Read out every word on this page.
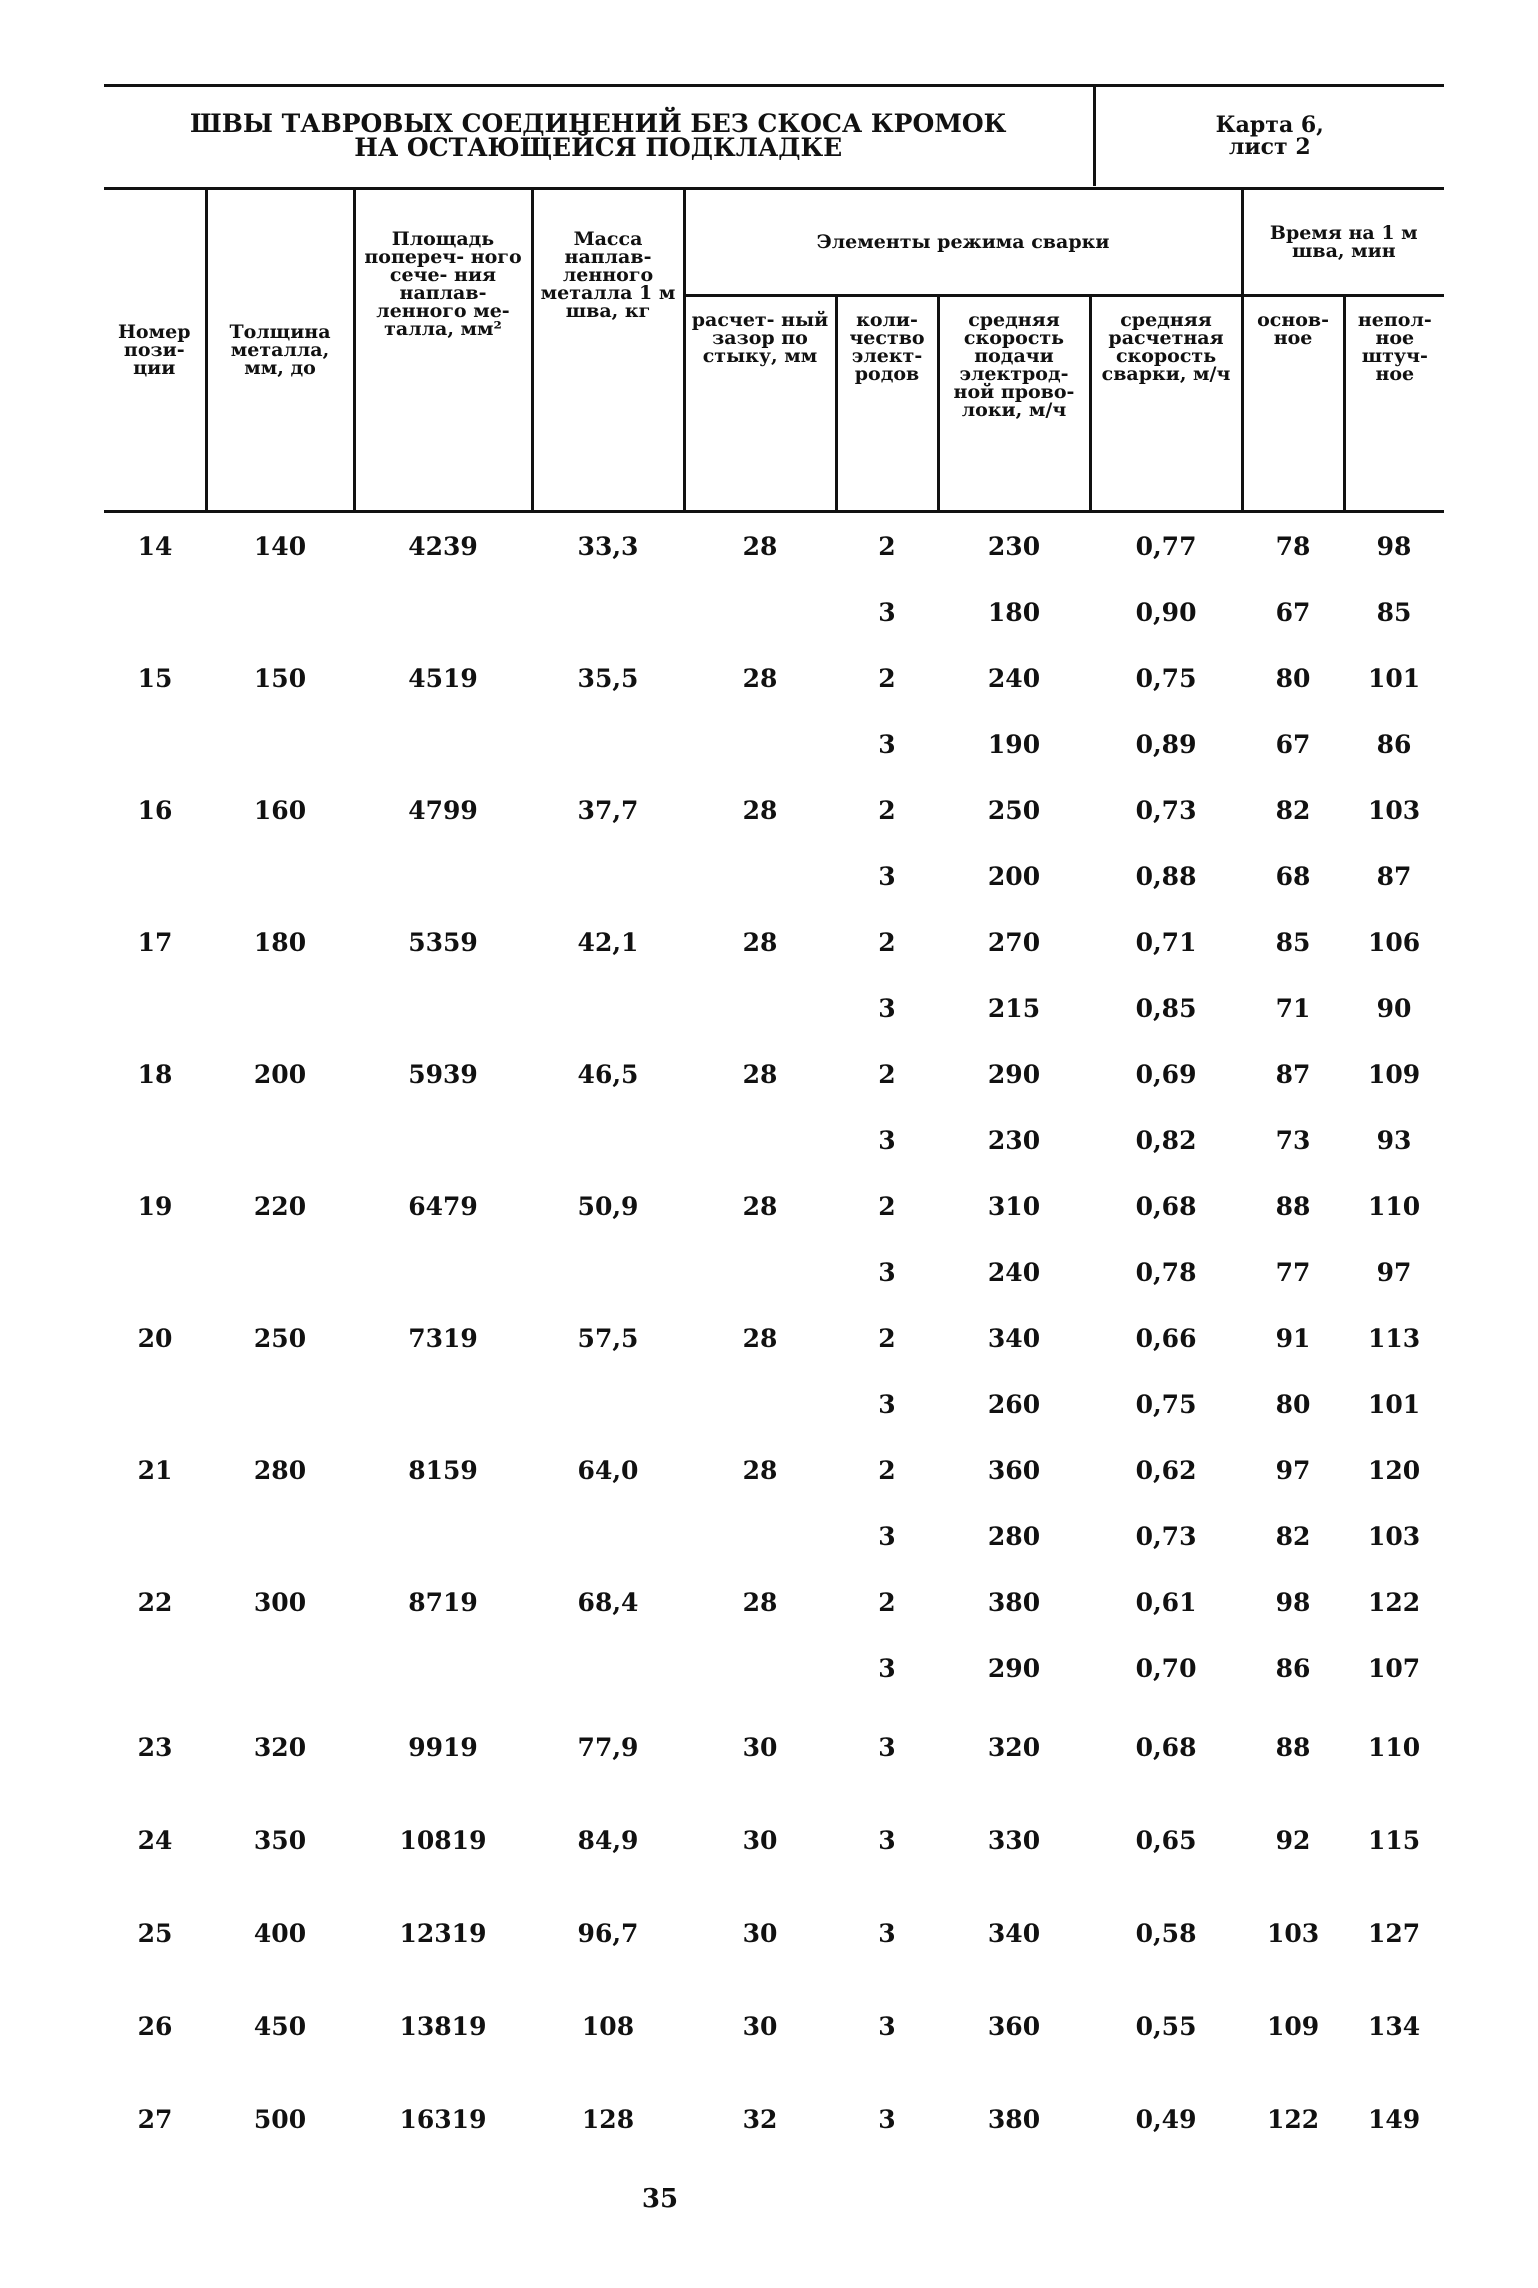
ШВЫ ТАВРОВЫХ СОЕДИНЕНИЙ БЕЗ СКОСА КРОМОК
НА ОСТАЮЩЕЙСЯ ПОДКЛАДКЕ

Карта 6,
лист 2
Номер пози- ции	Толщина металла, мм, до	Площадь попереч- ного сече- ния наплав- ленного ме- талла, мм²	Масса наплав- ленного металла 1 м шва, кг	Элементы режима сварки				Время на 1 м шва, мин	
				расчет- ный зазор по стыку, мм	коли- чество элект- родов	средняя скорость подачи электрод- ной прово- локи, м/ч	средняя расчетная скорость сварки, м/ч	основ- ное	непол- ное штуч- ное
14	140	4239	33,3	28	2	230	0,77	78	98
					3	180	0,90	67	85
15	150	4519	35,5	28	2	240	0,75	80	101
					3	190	0,89	67	86
16	160	4799	37,7	28	2	250	0,73	82	103
					3	200	0,88	68	87
17	180	5359	42,1	28	2	270	0,71	85	106
					3	215	0,85	71	90
18	200	5939	46,5	28	2	290	0,69	87	109
					3	230	0,82	73	93
19	220	6479	50,9	28	2	310	0,68	88	110
					3	240	0,78	77	97
20	250	7319	57,5	28	2	340	0,66	91	113
					3	260	0,75	80	101
21	280	8159	64,0	28	2	360	0,62	97	120
					3	280	0,73	82	103
22	300	8719	68,4	28	2	380	0,61	98	122
					3	290	0,70	86	107
23	320	9919	77,9	30	3	320	0,68	88	110
24	350	10819	84,9	30	3	330	0,65	92	115
25	400	12319	96,7	30	3	340	0,58	103	127
26	450	13819	108	30	3	360	0,55	109	134
27	500	16319	128	32	3	380	0,49	122	149
35
